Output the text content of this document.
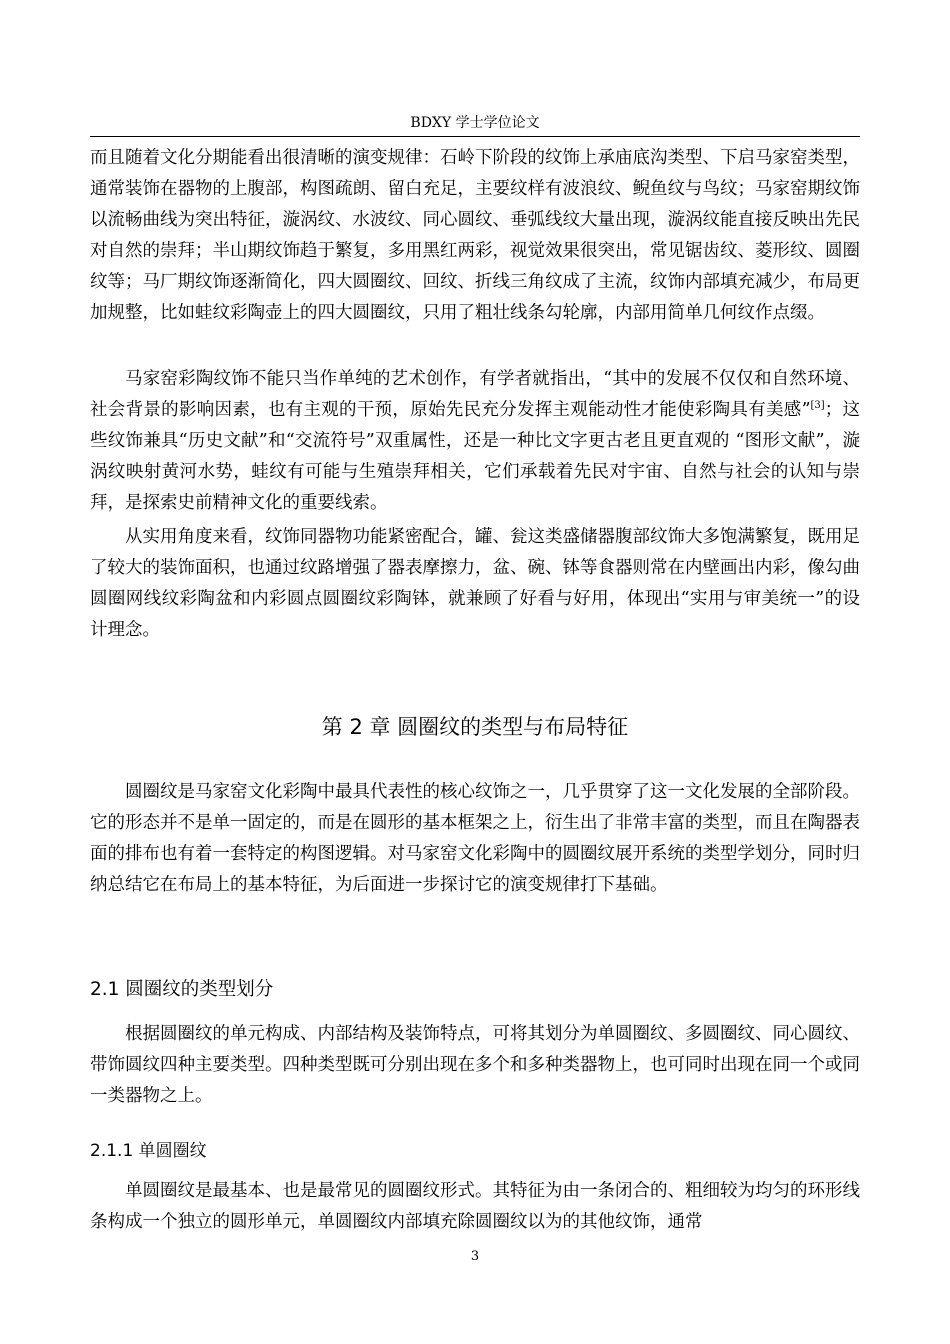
BDXY 学士学位论文

而且随着文化分期能看出很清晰的演变规律：石岭下阶段的纹饰上承庙底沟类型、下启马家窑类型，通常装饰在器物的上腹部，构图疏朗、留白充足，主要纹样有波浪纹、鲵鱼纹与鸟纹；马家窑期纹饰以流畅曲线为突出特征，漩涡纹、水波纹、同心圆纹、垂弧线纹大量出现，漩涡纹能直接反映出先民对自然的崇拜；半山期纹饰趋于繁复，多用黑红两彩，视觉效果很突出，常见锯齿纹、菱形纹、圆圈纹等；马厂期纹饰逐渐简化，四大圆圈纹、回纹、折线三角纹成了主流，纹饰内部填充减少，布局更加规整，比如蛙纹彩陶壶上的四大圆圈纹，只用了粗壮线条勾轮廓，内部用简单几何纹作点缀。

马家窑彩陶纹饰不能只当作单纯的艺术创作，有学者就指出，“其中的发展不仅仅和自然环境、社会背景的影响因素，也有主观的干预，原始先民充分发挥主观能动性才能使彩陶具有美感”[3]；这些纹饰兼具“历史文献”和“交流符号”双重属性，还是一种比文字更古老且更直观的 “图形文献”，漩涡纹映射黄河水势，蛙纹有可能与生殖崇拜相关，它们承载着先民对宇宙、自然与社会的认知与崇拜，是探索史前精神文化的重要线索。

从实用角度来看，纹饰同器物功能紧密配合，罐、瓮这类盛储器腹部纹饰大多饱满繁复，既用足了较大的装饰面积，也通过纹路增强了器表摩擦力，盆、碗、钵等食器则常在内壁画出内彩，像勾曲圆圈网线纹彩陶盆和内彩圆点圆圈纹彩陶钵，就兼顾了好看与好用，体现出“实用与审美统一”的设计理念。

第 2 章 圆圈纹的类型与布局特征

圆圈纹是马家窑文化彩陶中最具代表性的核心纹饰之一，几乎贯穿了这一文化发展的全部阶段。它的形态并不是单一固定的，而是在圆形的基本框架之上，衍生出了非常丰富的类型，而且在陶器表面的排布也有着一套特定的构图逻辑。对马家窑文化彩陶中的圆圈纹展开系统的类型学划分，同时归纳总结它在布局上的基本特征，为后面进一步探讨它的演变规律打下基础。

2.1 圆圈纹的类型划分

根据圆圈纹的单元构成、内部结构及装饰特点，可将其划分为单圆圈纹、多圆圈纹、同心圆纹、带饰圆纹四种主要类型。四种类型既可分别出现在多个和多种类器物上，也可同时出现在同一个或同一类器物之上。

2.1.1 单圆圈纹

单圆圈纹是最基本、也是最常见的圆圈纹形式。其特征为由一条闭合的、粗细较为均匀的环形线条构成一个独立的圆形单元，单圆圈纹内部填充除圆圈纹以为的其他纹饰，通常

3
